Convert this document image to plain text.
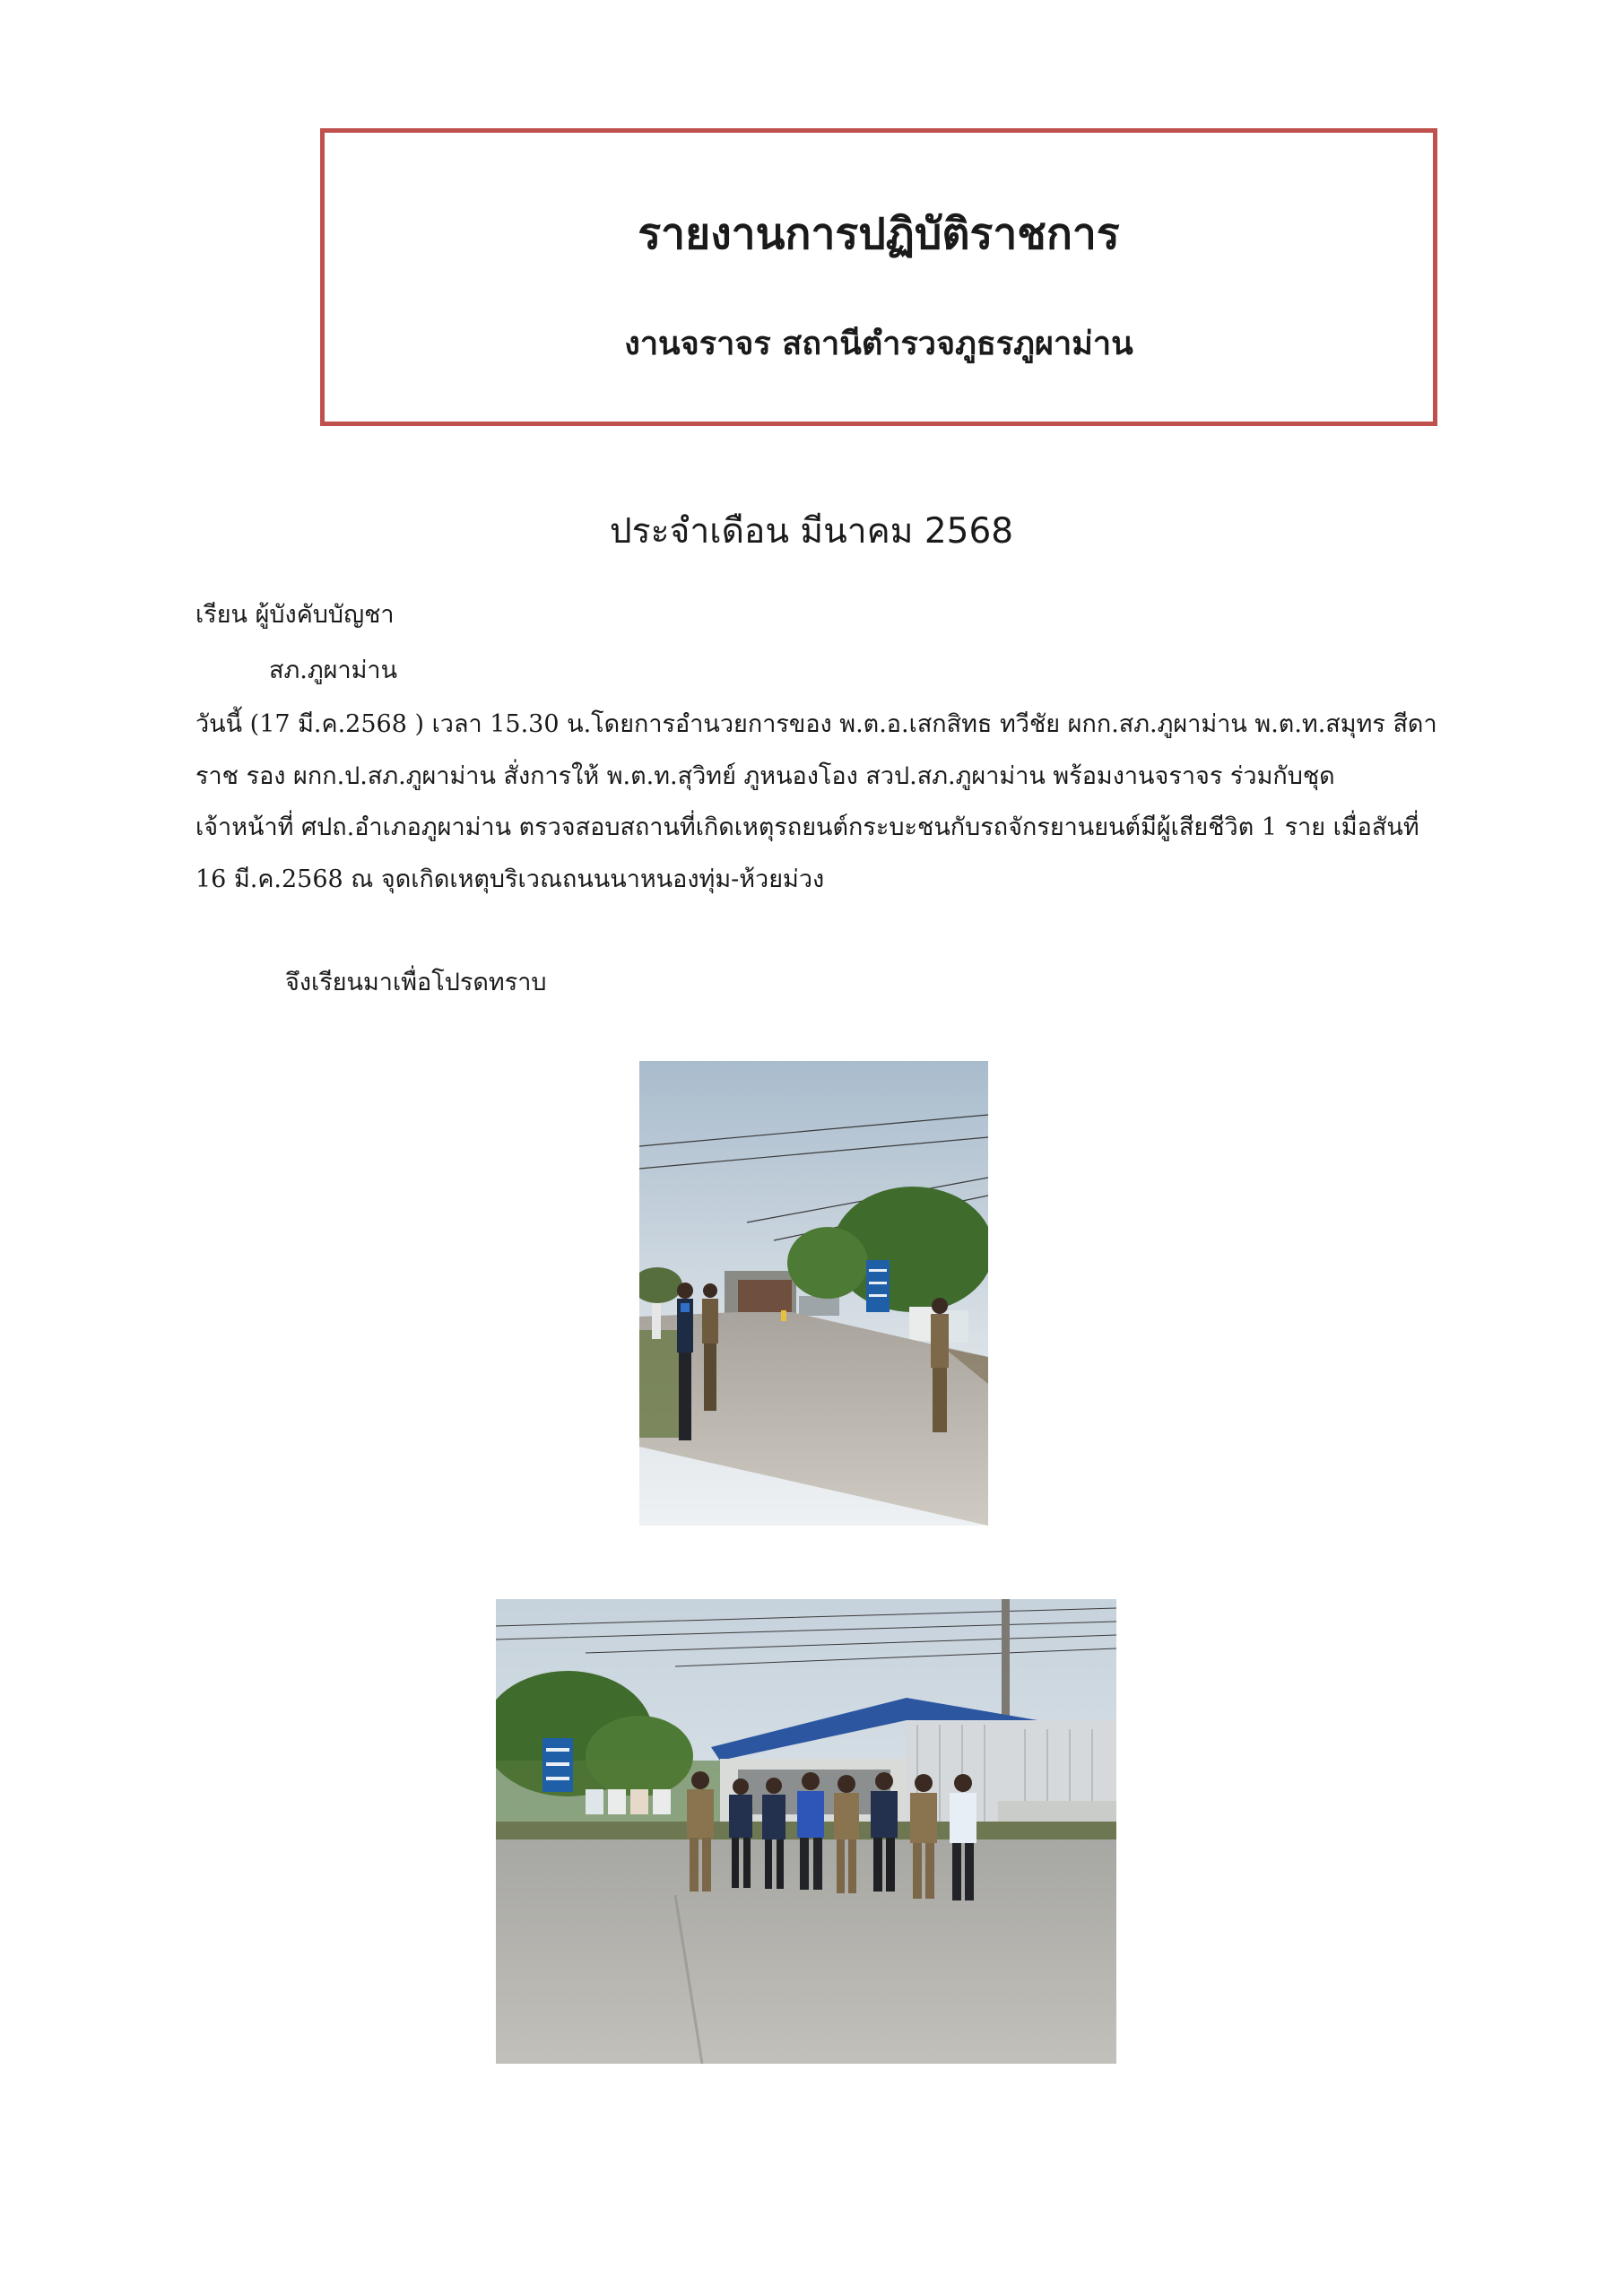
รายงานการปฏิบัติราชการ
งานจราจร สถานีตำรวจภูธรภูผาม่าน
ประจำเดือน มีนาคม 2568
เรียน ผู้บังคับบัญชา
สภ.ภูผาม่าน
วันนี้ (17 มี.ค.2568 ) เวลา 15.30 น.โดยการอำนวยการของ พ.ต.อ.เสกสิทธ ทวีชัย ผกก.สภ.ภูผาม่าน พ.ต.ท.สมุทร สีดา
ราช รอง ผกก.ป.สภ.ภูผาม่าน สั่งการให้ พ.ต.ท.สุวิทย์ ภูหนองโอง สวป.สภ.ภูผาม่าน พร้อมงานจราจร ร่วมกับชุด
เจ้าหน้าที่ ศปถ.อำเภอภูผาม่าน ตรวจสอบสถานที่เกิดเหตุรถยนต์กระบะชนกับรถจักรยานยนต์มีผู้เสียชีวิต 1 ราย เมื่อสันที่
16 มี.ค.2568 ณ จุดเกิดเหตุบริเวณถนนนาหนองทุ่ม-ห้วยม่วง
จึงเรียนมาเพื่อโปรดทราบ
